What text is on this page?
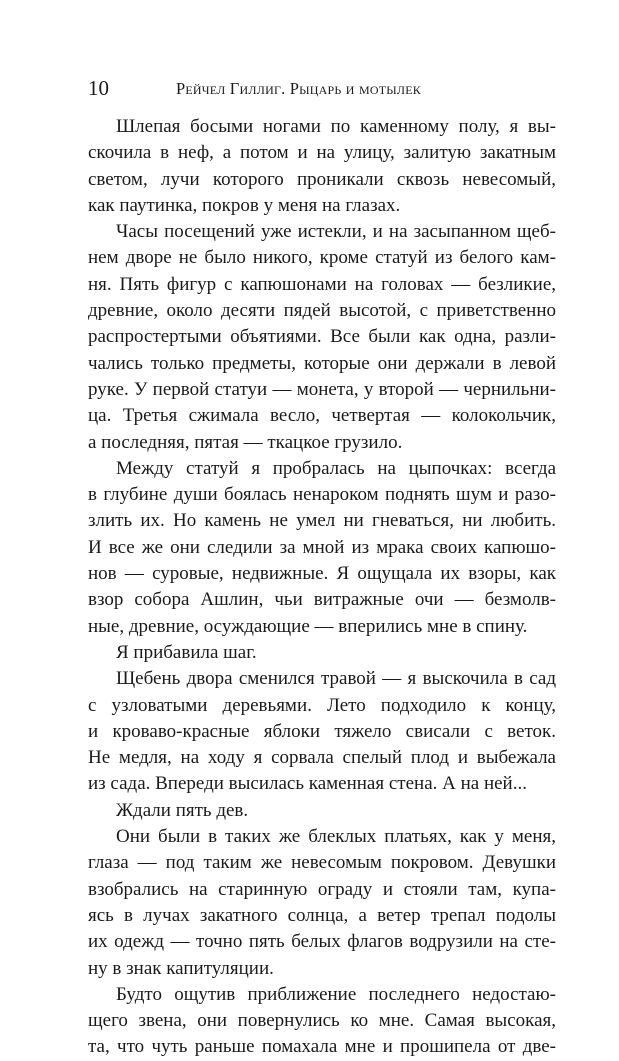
10	Рейчел Гиллиг. Рыцарь и мотылек
Шлепая босыми ногами по каменному полу, я вы-
скочила в неф, а потом и на улицу, залитую закатным
светом, лучи которого проникали сквозь невесомый,
как паутинка, покров у меня на глазах.
Часы посещений уже истекли, и на засыпанном щеб-
нем дворе не было никого, кроме статуй из белого кам-
ня. Пять фигур с капюшонами на головах — безликие,
древние, около десяти пядей высотой, с приветственно
распростертыми объятиями. Все были как одна, разли-
чались только предметы, которые они держали в левой
руке. У первой статуи — монета, у второй — чернильни-
ца. Третья сжимала весло, четвертая — колокольчик,
а последняя, пятая — ткацкое грузило.
Между статуй я пробралась на цыпочках: всегда
в глубине души боялась ненароком поднять шум и разо-
злить их. Но камень не умел ни гневаться, ни любить.
И все же они следили за мной из мрака своих капюшо-
нов — суровые, недвижные. Я ощущала их взоры, как
взор собора Ашлин, чьи витражные очи — безмолв-
ные, древние, осуждающие — вперились мне в спину.
Я прибавила шаг.
Щебень двора сменился травой — я выскочила в сад
с узловатыми деревьями. Лето подходило к концу,
и кроваво-красные яблоки тяжело свисали с веток.
Не медля, на ходу я сорвала спелый плод и выбежала
из сада. Впереди высилась каменная стена. А на ней...
Ждали пять дев.
Они были в таких же блеклых платьях, как у меня,
глаза — под таким же невесомым покровом. Девушки
взобрались на старинную ограду и стояли там, купа-
ясь в лучах закатного солнца, а ветер трепал подолы
их одежд — точно пять белых флагов водрузили на сте-
ну в знак капитуляции.
Будто ощутив приближение последнего недостаю-
щего звена, они повернулись ко мне. Самая высокая,
та, что чуть раньше помахала мне и прошипела от две-
